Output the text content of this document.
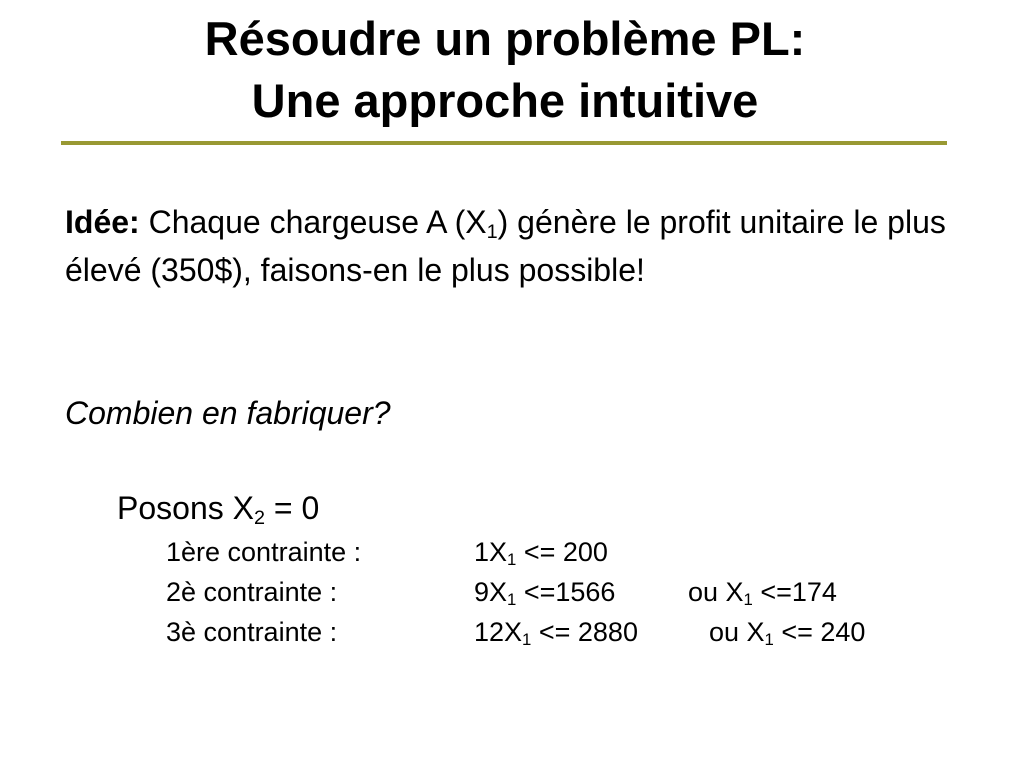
Résoudre un problème PL:
Une approche intuitive

Idée: Chaque chargeuse A $(X_1)$ génère le profit unitaire le plus élevé (350$), faisons-en le plus possible!

Combien en fabriquer?

Posons $X_2 = 0$

1ère contrainte :	$1X_1 <= 200$
2è contrainte :	$9X_1 <=1566$	ou $X_1 <=174$
3è contrainte :	$12X_1 <= 2880$	ou $X_1 <= 240$
